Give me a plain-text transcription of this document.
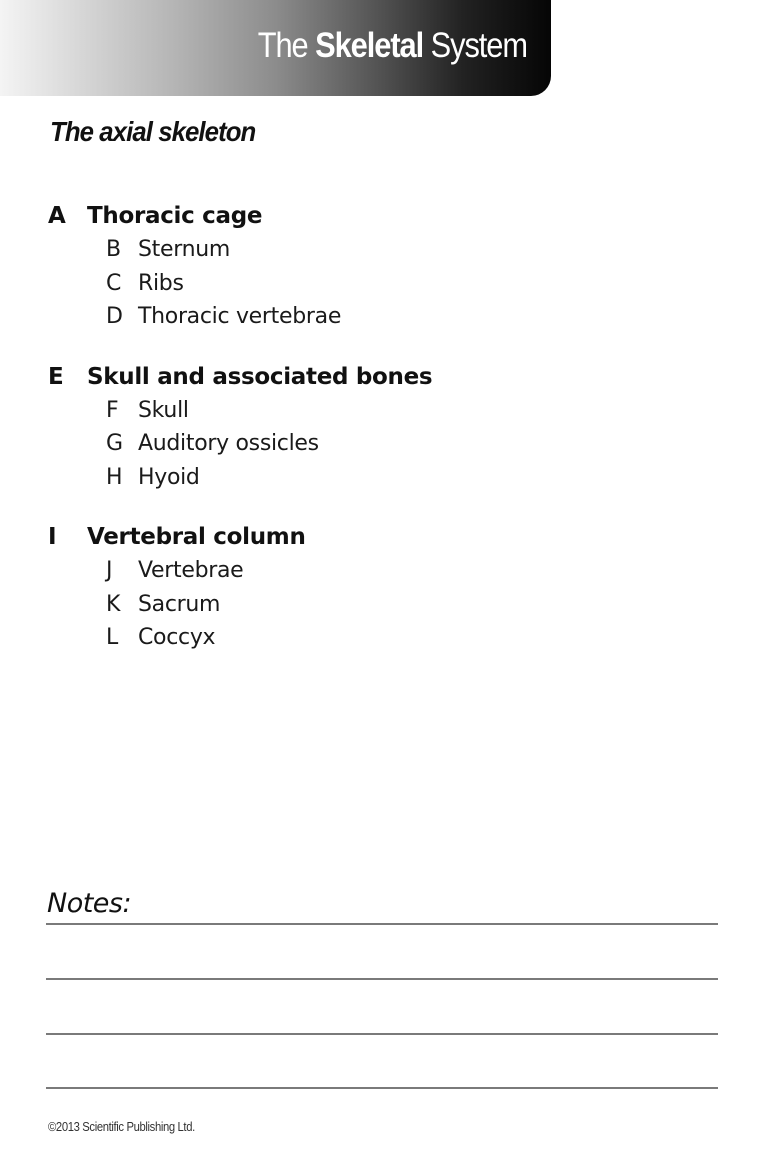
The Skeletal System
The axial skeleton
A Thoracic cage
B Sternum
C Ribs
D Thoracic vertebrae
E	Skull and associated bones
F Skull
G Auditory ossicles
H Hyoid
I	Vertebral column
J	Vertebrae
K Sacrum
L Coccyx
Notes:
©2013 Scientific Publishing Ltd.
